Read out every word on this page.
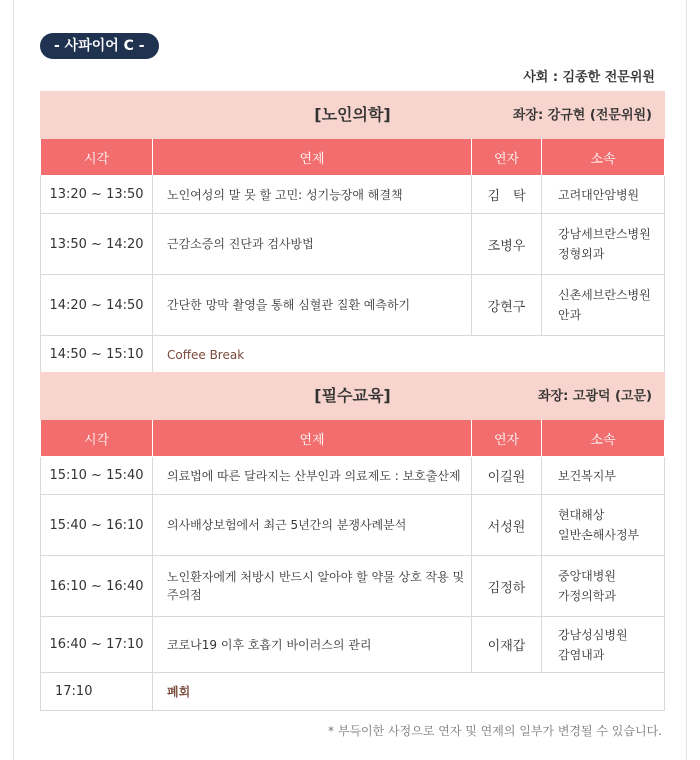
- 사파이어 C -
사회 : 김종한 전문위원
[노인의학] 좌장: 강규현 (전문위원)			

시각	연제	연자	소속
13:20 ~ 13:50	노인여성의 말 못 할 고민: 성기능장애 해결책	김　탁	고려대안암병원

13:50 ~ 14:20	근감소증의 진단과 검사방법	조병우	강남세브란스병원
정형외과

14:20 ~ 14:50	간단한 망막 촬영을 통해 심혈관 질환 예측하기	강현구	신촌세브란스병원
안과

14:50 ~ 15:10	Coffee Break		
[필수교육] 좌장: 고광덕 (고문)			

시각	연제	연자	소속
15:10 ~ 15:40	의료법에 따른 달라지는 산부인과 의료제도 : 보호출산제	이길원	보건복지부

15:40 ~ 16:10	의사배상보험에서 최근 5년간의 분쟁사례분석	서성원	현대해상
일반손해사정부

16:10 ~ 16:40	노인환자에게 처방시 반드시 알아야 할 약물 상호 작용 및 주의점	김정하	중앙대병원
가정의학과

16:40 ~ 17:10	코로나19 이후 호흡기 바이러스의 관리	이재갑	강남성심병원
감염내과

17:10	폐회		
* 부득이한 사정으로 연자 및 연제의 일부가 변경될 수 있습니다.
